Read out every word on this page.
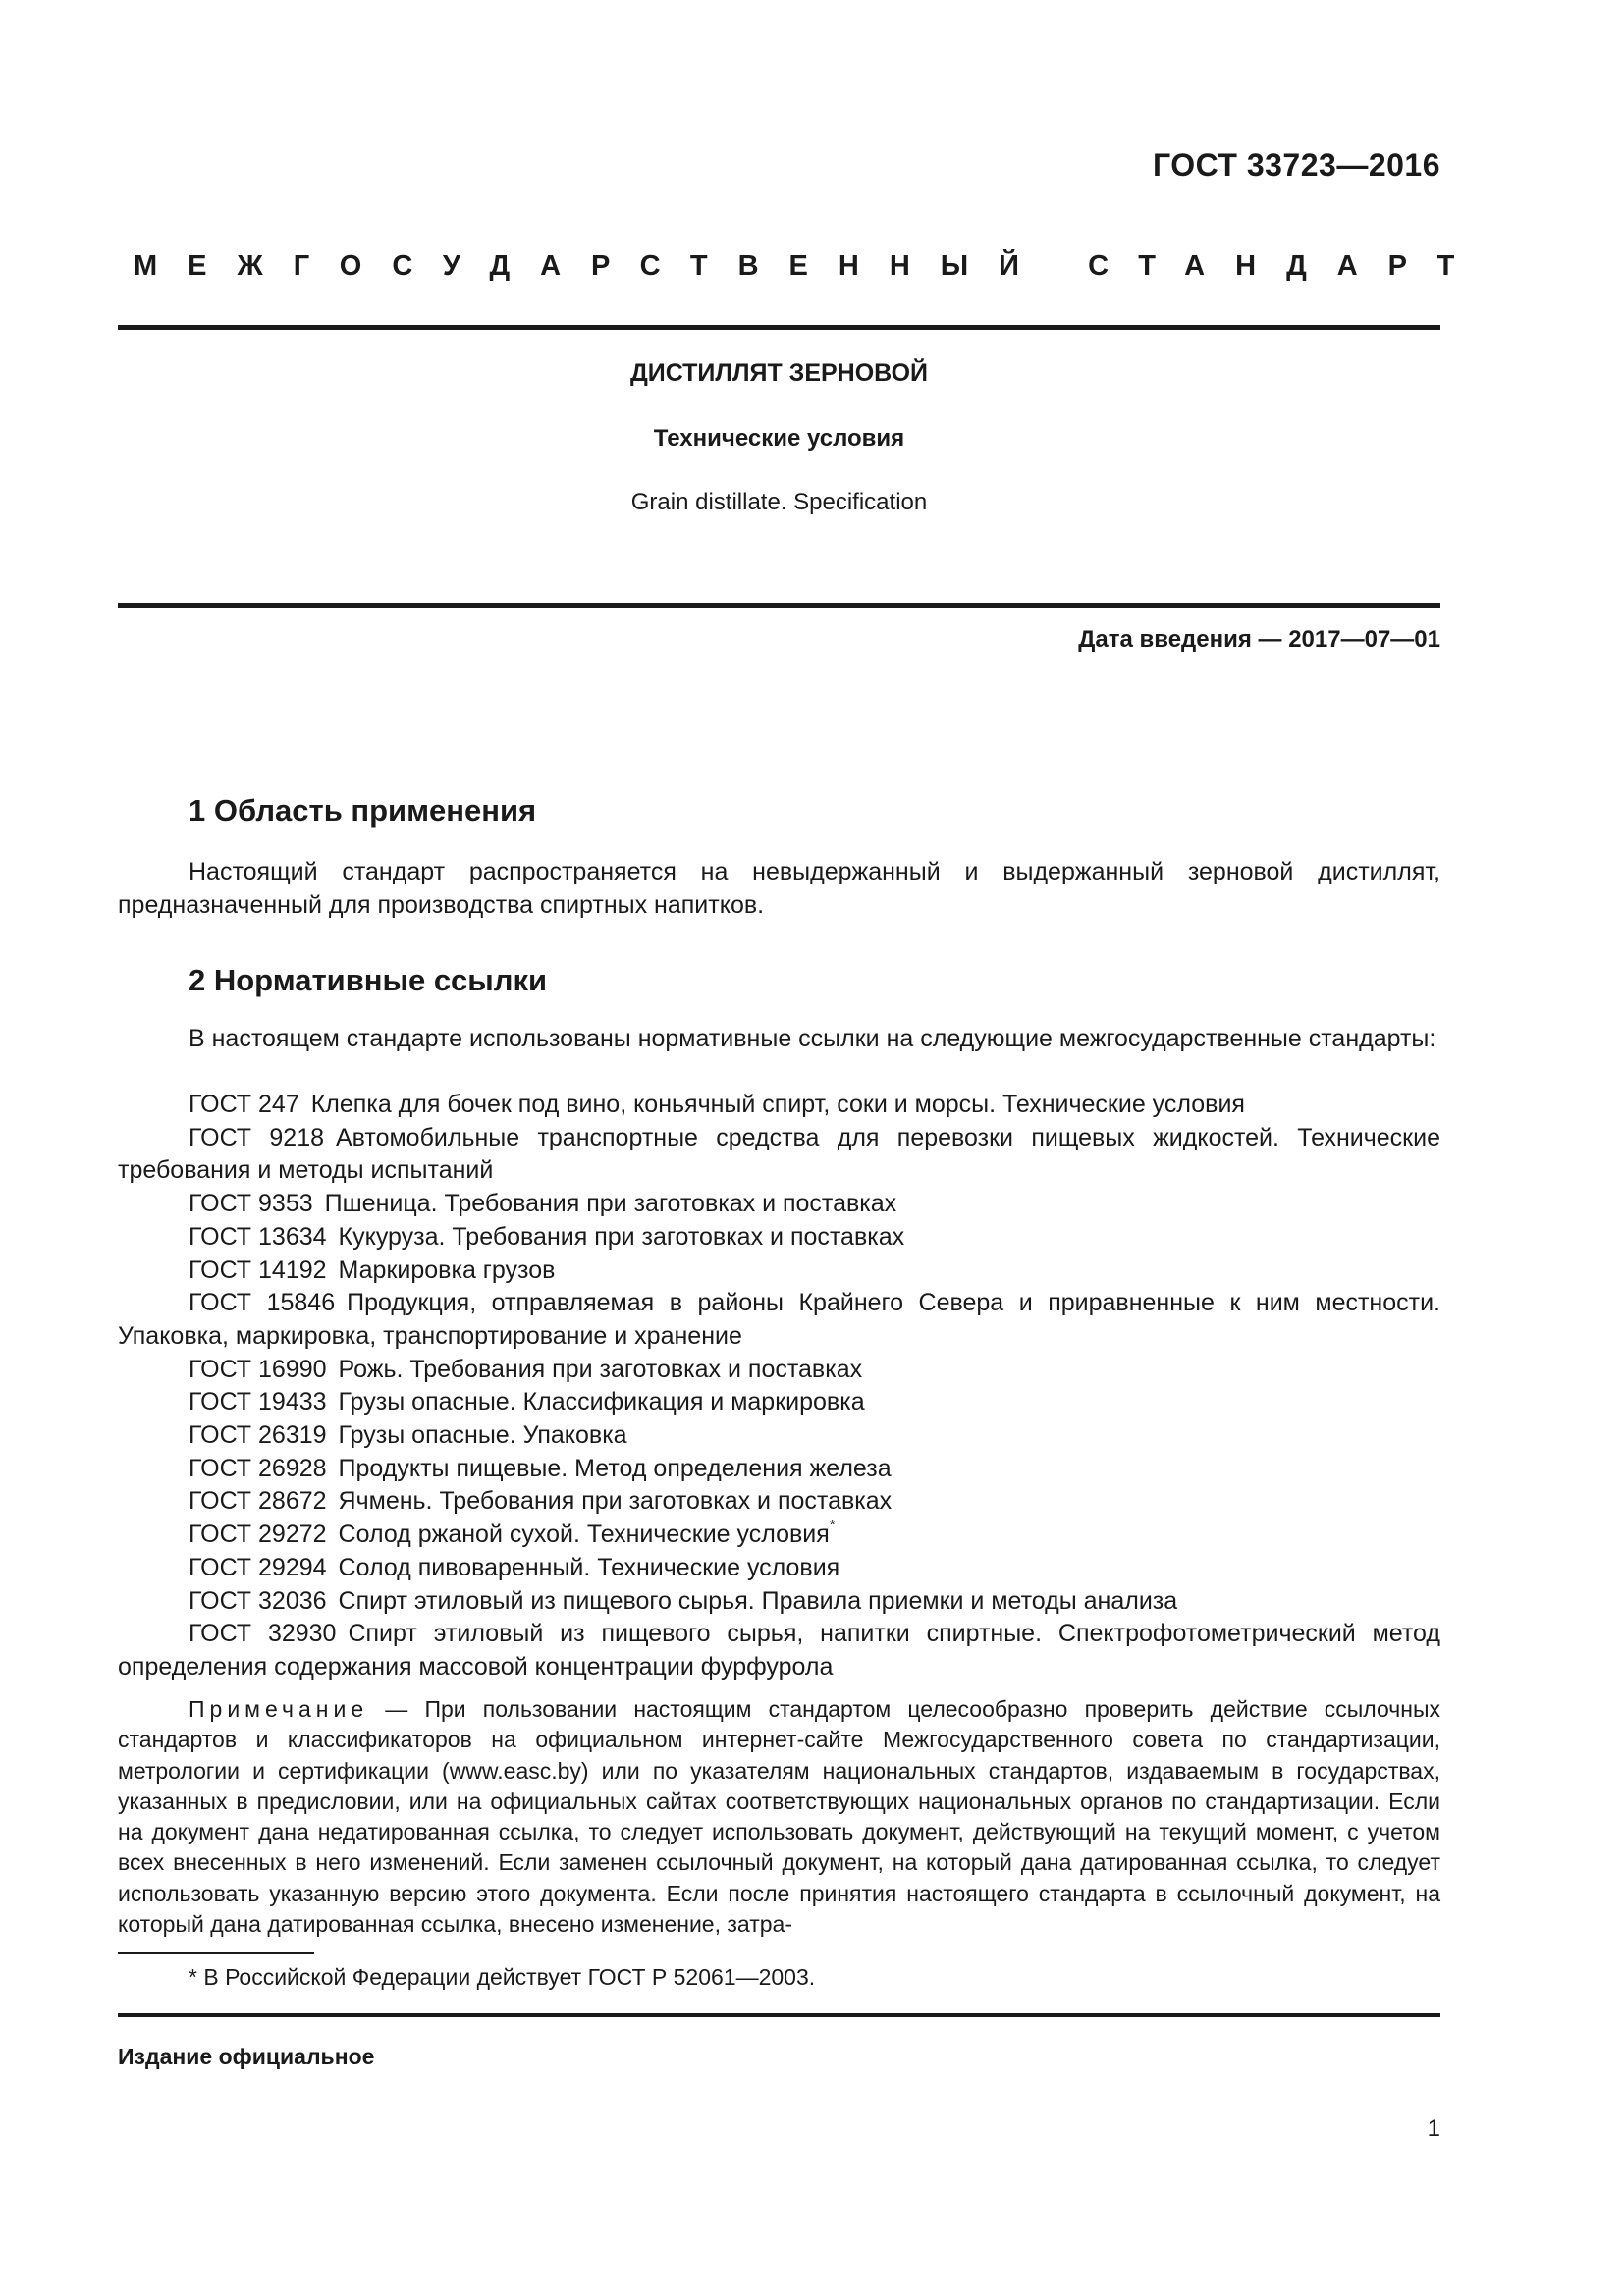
ГОСТ 33723—2016
МЕЖГОСУДАРСТВЕННЫЙ СТАНДАРТ
ДИСТИЛЛЯТ ЗЕРНОВОЙ
Технические условия
Grain distillate. Specification
Дата введения — 2017—07—01
1 Область применения

Настоящий стандарт распространяется на невыдержанный и выдержанный зерновой дистиллят, предназначенный для производства спиртных напитков.

2 Нормативные ссылки

В настоящем стандарте использованы нормативные ссылки на следующие межгосударственные стандарты:

ГОСТ 247 Клепка для бочек под вино, коньячный спирт, соки и морсы. Технические условия
ГОСТ 9218 Автомобильные транспортные средства для перевозки пищевых жидкостей. Технические требования и методы испытаний
ГОСТ 9353 Пшеница. Требования при заготовках и поставках
ГОСТ 13634 Кукуруза. Требования при заготовках и поставках
ГОСТ 14192 Маркировка грузов
ГОСТ 15846 Продукция, отправляемая в районы Крайнего Севера и приравненные к ним местности. Упаковка, маркировка, транспортирование и хранение
ГОСТ 16990 Рожь. Требования при заготовках и поставках
ГОСТ 19433 Грузы опасные. Классификация и маркировка
ГОСТ 26319 Грузы опасные. Упаковка
ГОСТ 26928 Продукты пищевые. Метод определения железа
ГОСТ 28672 Ячмень. Требования при заготовках и поставках
ГОСТ 29272 Солод ржаной сухой. Технические условия*
ГОСТ 29294 Солод пивоваренный. Технические условия
ГОСТ 32036 Спирт этиловый из пищевого сырья. Правила приемки и методы анализа
ГОСТ 32930 Спирт этиловый из пищевого сырья, напитки спиртные. Спектрофотометрический метод определения содержания массовой концентрации фурфурола

Примечание — При пользовании настоящим стандартом целесообразно проверить действие ссылочных стандартов и классификаторов на официальном интернет-сайте Межгосударственного совета по стандартизации, метрологии и сертификации (www.easc.by) или по указателям национальных стандартов, издаваемым в государствах, указанных в предисловии, или на официальных сайтах соответствующих национальных органов по стандартизации. Если на документ дана недатированная ссылка, то следует использовать документ, действующий на текущий момент, с учетом всех внесенных в него изменений. Если заменен ссылочный документ, на который дана датированная ссылка, то следует использовать указанную версию этого документа. Если после принятия настоящего стандарта в ссылочный документ, на который дана датированная ссылка, внесено изменение, затра-

* В Российской Федерации действует ГОСТ Р 52061—2003.
Издание официальное
1
